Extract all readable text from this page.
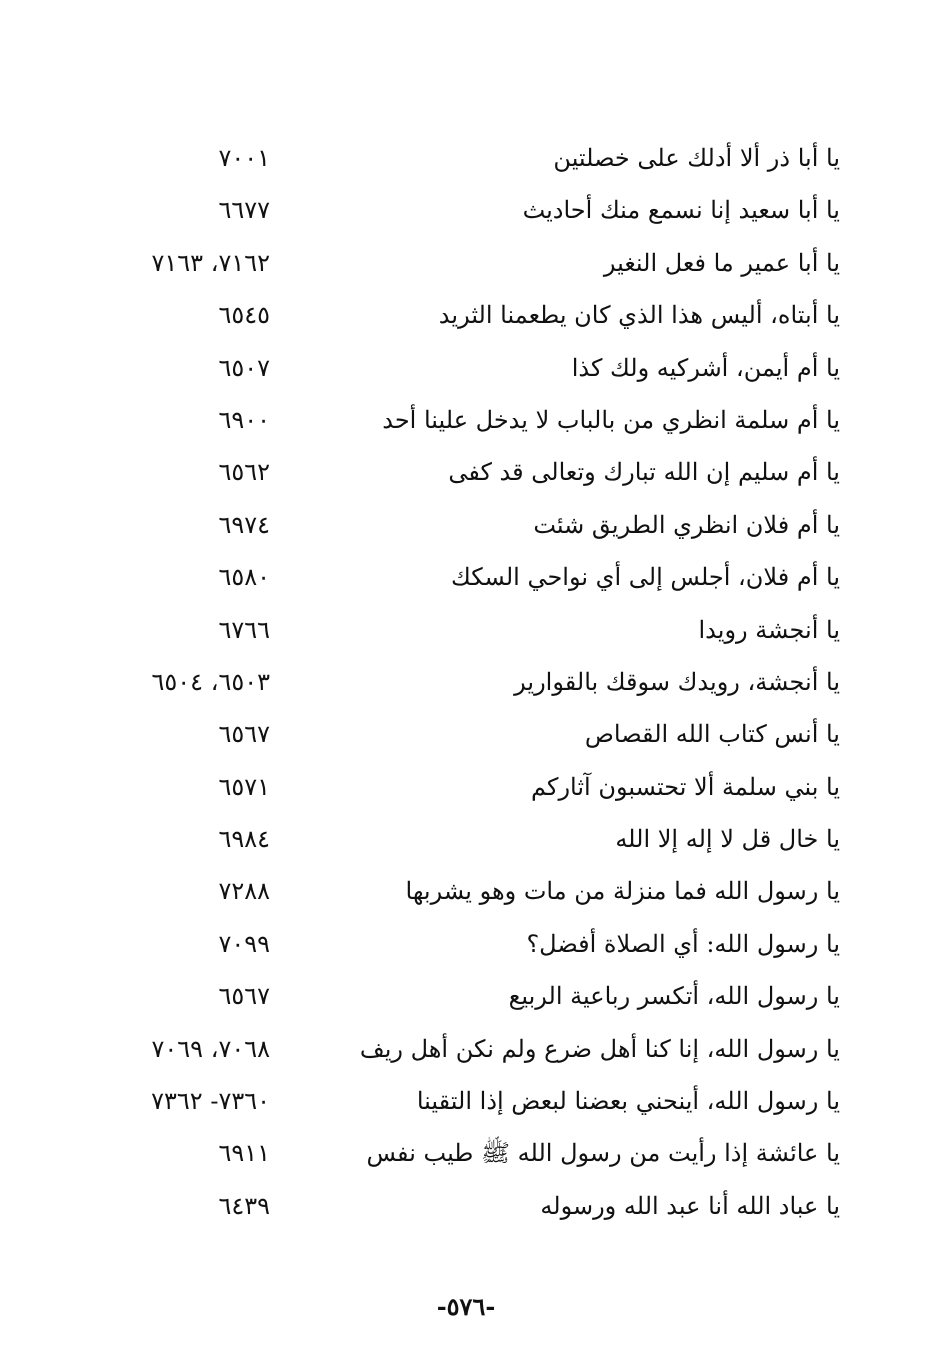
يا أبا ذر ألا أدلك على خصلتين
٧٠٠١
يا أبا سعيد إنا نسمع منك أحاديث
٦٦٧٧
يا أبا عمير ما فعل النغير
٧١٦٢، ٧١٦٣
يا أبتاه، أليس هذا الذي كان يطعمنا الثريد
٦٥٤٥
يا أم أيمن، أشركيه ولك كذا
٦٥٠٧
يا أم سلمة انظري من بالباب لا يدخل علينا أحد
٦٩٠٠
يا أم سليم إن الله تبارك وتعالى قد كفى
٦٥٦٢
يا أم فلان انظري الطريق شئت
٦٩٧٤
يا أم فلان، أجلس إلى أي نواحي السكك
٦٥٨٠
يا أنجشة رويدا
٦٧٦٦
يا أنجشة، رويدك سوقك بالقوارير
٦٥٠٣، ٦٥٠٤
يا أنس كتاب الله القصاص
٦٥٦٧
يا بني سلمة ألا تحتسبون آثاركم
٦٥٧١
يا خال قل لا إله إلا الله
٦٩٨٤
يا رسول الله فما منزلة من مات وهو يشربها
٧٢٨٨
يا رسول الله: أي الصلاة أفضل؟
٧٠٩٩
يا رسول الله، أتكسر رباعية الربيع
٦٥٦٧
يا رسول الله، إنا كنا أهل ضرع ولم نكن أهل ريف
٧٠٦٨، ٧٠٦٩
يا رسول الله، أينحني بعضنا لبعض إذا التقينا
٧٣٦٠- ٧٣٦٢
يا عائشة إذا رأيت من رسول الله ﷺ طيب نفس
٦٩١١
يا عباد الله أنا عبد الله ورسوله
٦٤٣٩
-٥٧٦-
